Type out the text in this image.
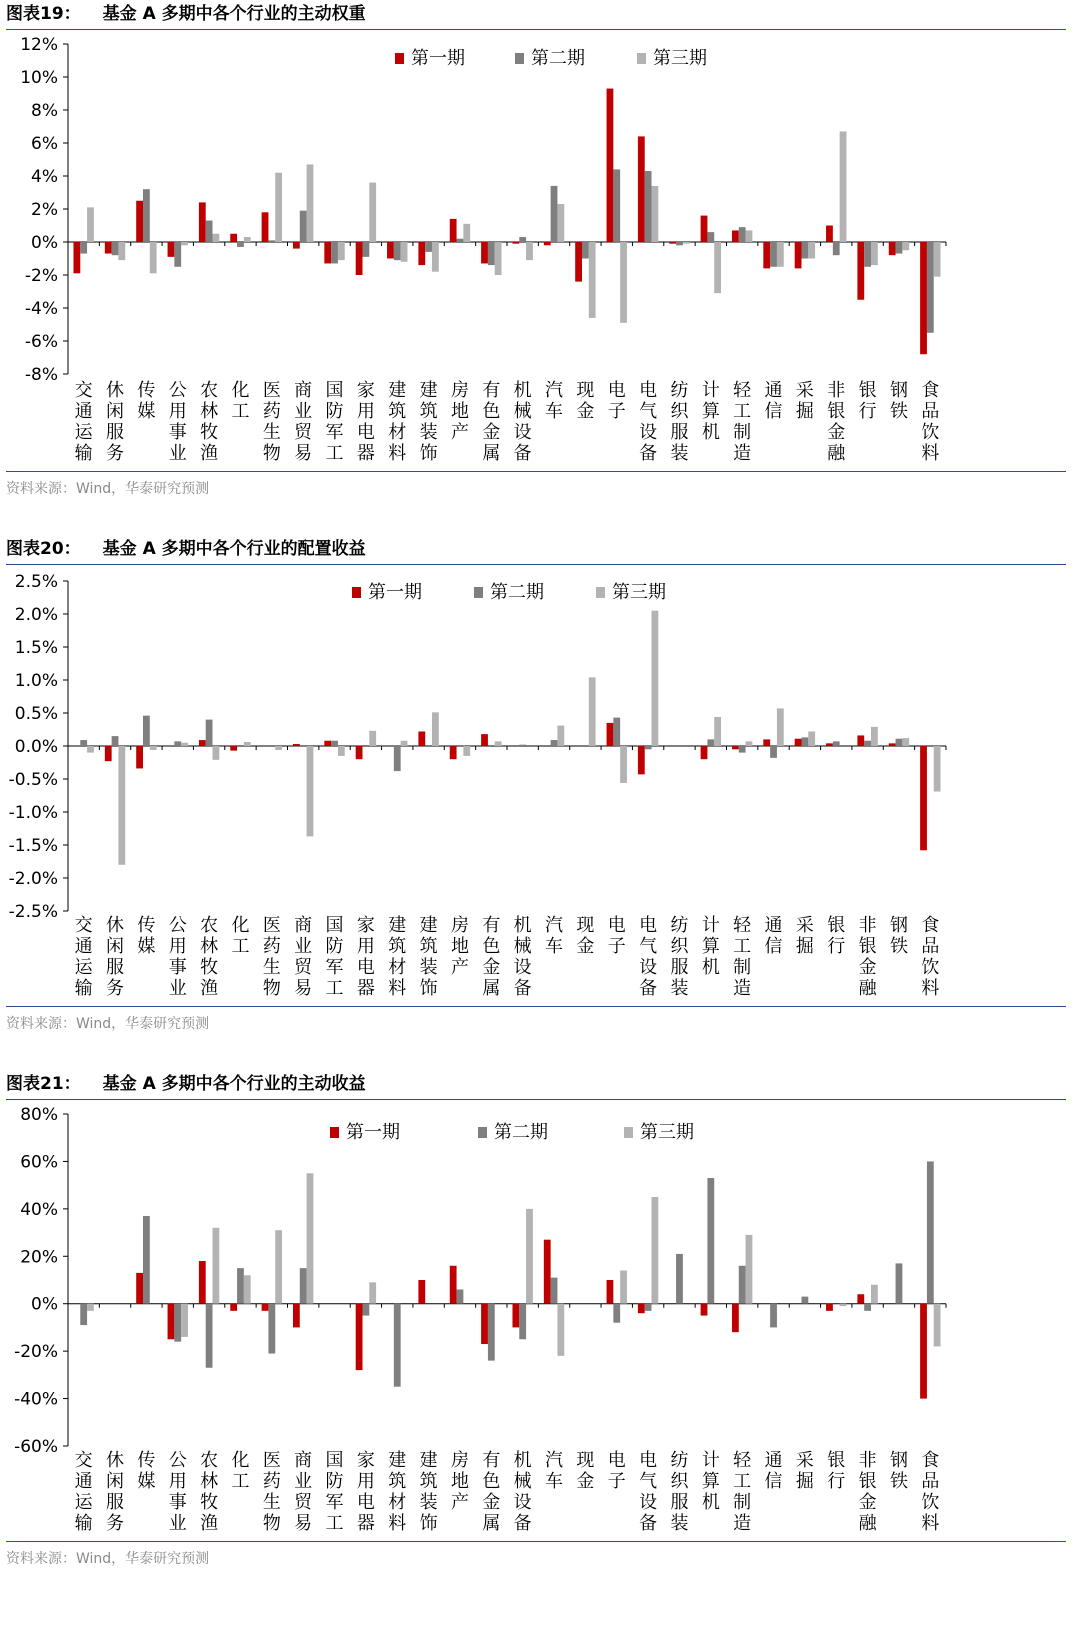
图表19： 基金 A 多期中各个行业的主动权重
12%
10%
8%
6%
4%
2%
0%
-2%
-4%
-6%
-8%
交通运输
休闲服务
传媒
公用事业
农林牧渔
化工
医药生物
商业贸易
国防军工
家用电器
建筑材料
建筑装饰
房地产
有色金属
机械设备
汽车
现金
电子
电气设备
纺织服装
计算机
轻工制造
通信
采掘
非银金融
银行
钢铁
食品饮料
第一期	第二期	第三期
资料来源：Wind，华泰研究预测
图表20： 基金 A 多期中各个行业的配置收益
2.5%
2.0%
1.5%
1.0%
0.5%
0.0%
-0.5%
-1.0%
-1.5%
-2.0%
-2.5%
交通运输
休闲服务
传媒
公用事业
农林牧渔
化工
医药生物
商业贸易
国防军工
家用电器
建筑材料
建筑装饰
房地产
有色金属
机械设备
汽车
现金
电子
电气设备
纺织服装
计算机
轻工制造
通信
采掘
银行
非银金融
钢铁
食品饮料
第一期	第二期	第三期
资料来源：Wind，华泰研究预测
图表21： 基金 A 多期中各个行业的主动收益
80%
60%
40%
20%
0%
-20%
-40%
-60%
交通运输
休闲服务
传媒
公用事业
农林牧渔
化工
医药生物
商业贸易
国防军工
家用电器
建筑材料
建筑装饰
房地产
有色金属
机械设备
汽车
现金
电子
电气设备
纺织服装
计算机
轻工制造
通信
采掘
银行
非银金融
钢铁
食品饮料
第一期	第二期	第三期
资料来源：Wind，华泰研究预测
